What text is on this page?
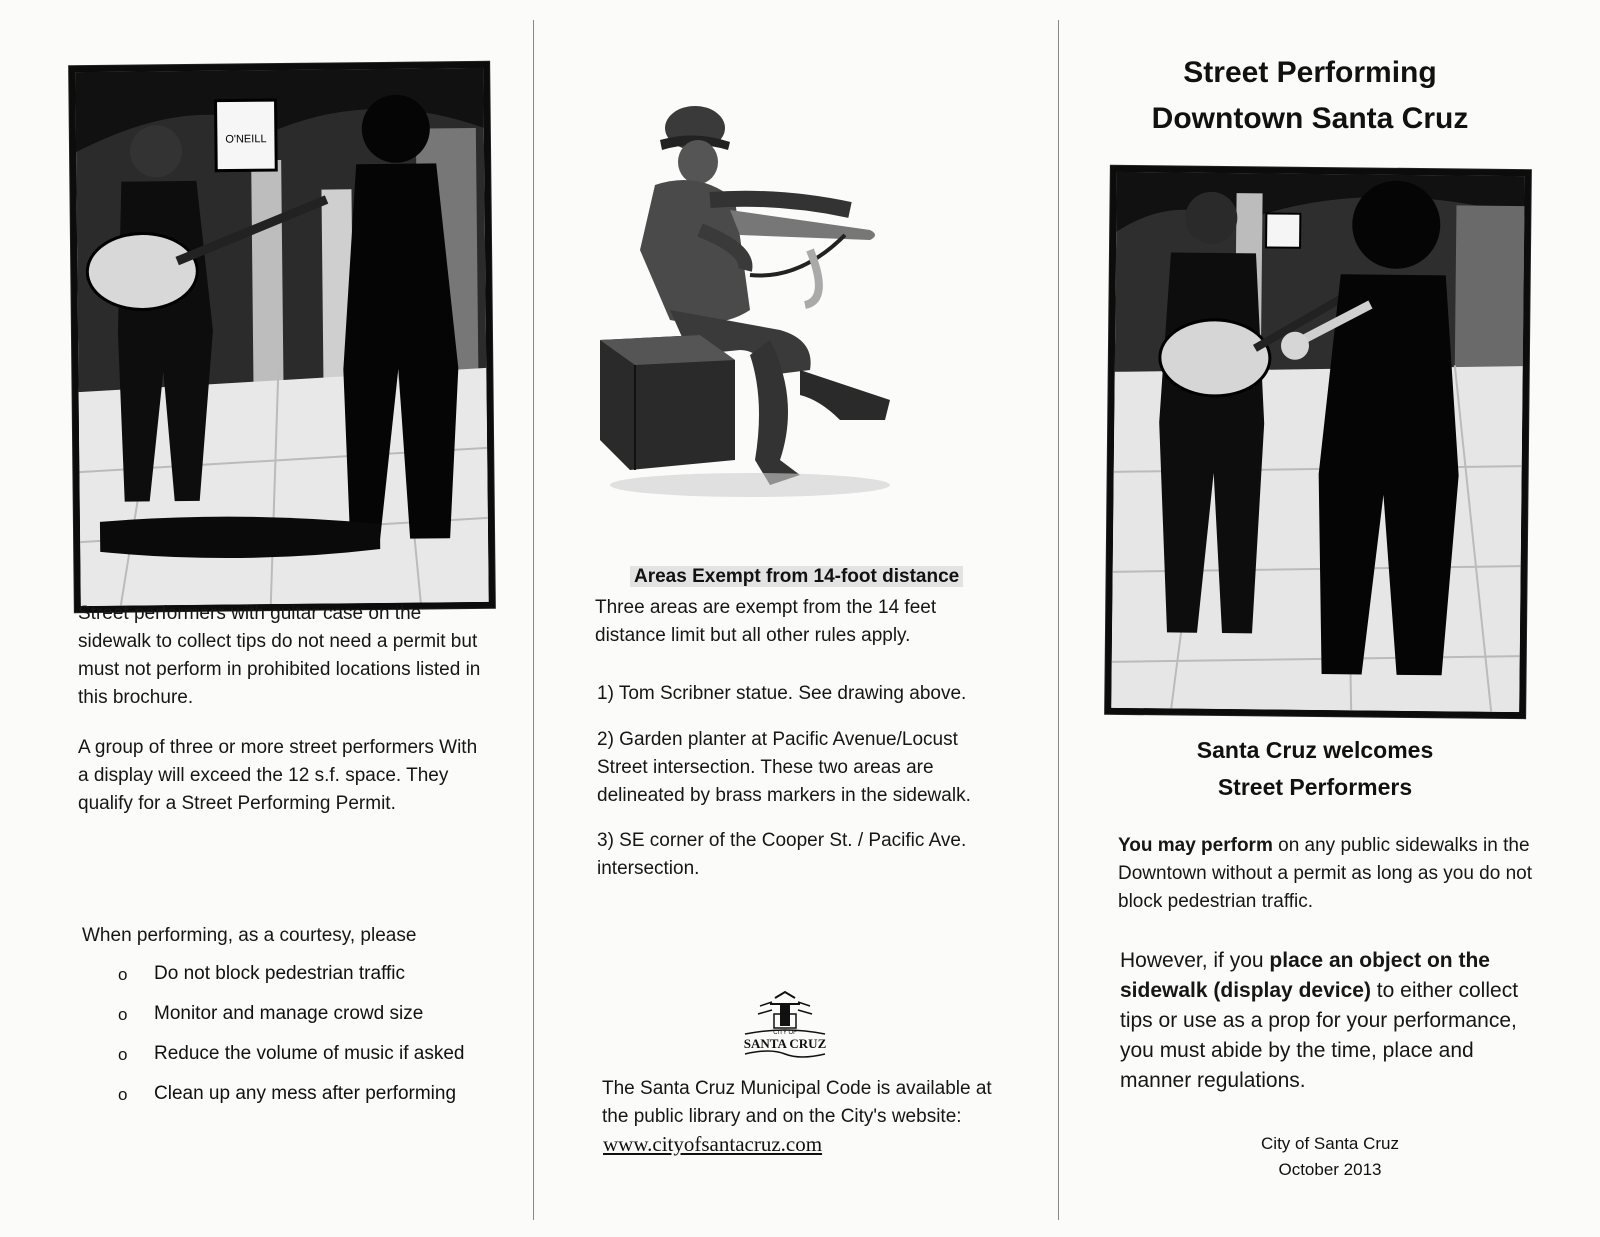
O'NEILL
Street performers with guitar case on the sidewalk to collect tips do not need a permit but must not perform in prohibited locations listed in this brochure.
A group of three or more street performers With a display will exceed the 12 s.f. space. They qualify for a Street Performing Permit.
When performing, as a courtesy, please
o Do not block pedestrian traffic
o Monitor and manage crowd size
o Reduce the volume of music if asked
o Clean up any mess after performing
Areas Exempt from 14-foot distance
Three areas are exempt from the 14 feet distance limit but all other rules apply.
1) Tom Scribner statue. See drawing above.
2) Garden planter at Pacific Avenue/Locust Street intersection. These two areas are delineated by brass markers in the sidewalk.
3) SE corner of the Cooper St. / Pacific Ave. intersection.
CITY OF
SANTA CRUZ
The Santa Cruz Municipal Code is available at the public library and on the City's website:
www.cityofsantacruz.com
Street Performing
Downtown Santa Cruz
Santa Cruz welcomes
Street Performers
You may perform on any public sidewalks in the Downtown without a permit as long as you do not block pedestrian traffic.
However, if you place an object on the sidewalk (display device) to either collect tips or use as a prop for your performance, you must abide by the time, place and manner regulations.
City of Santa Cruz
October 2013
